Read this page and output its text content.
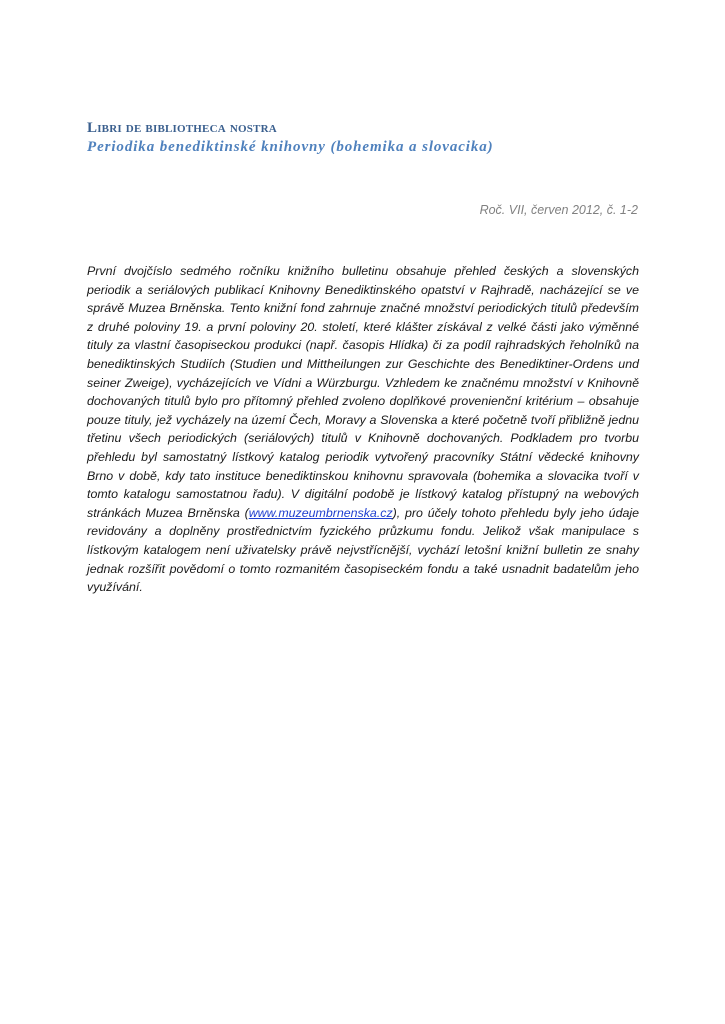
Libri de bibliotheca nostra
Periodika benediktinské knihovny (bohemika a slovacika)

Roč. VII, červen 2012, č. 1-2

První dvojčíslo sedmého ročníku knižního bulletinu obsahuje přehled českých a slovenských periodik a seriálových publikací Knihovny Benediktinského opatství v Rajhradě, nacházející se ve správě Muzea Brněnska. Tento knižní fond zahrnuje značné množství periodických titulů především z druhé poloviny 19. a první poloviny 20. století, které klášter získával z velké části jako výměnné tituly za vlastní časopiseckou produkci (např. časopis Hlídka) či za podíl rajhradských řeholníků na benediktinských Studiích (Studien und Mittheilungen zur Geschichte des Benediktiner-Ordens und seiner Zweige), vycházejících ve Vídni a Würzburgu. Vzhledem ke značnému množství v Knihovně dochovaných titulů bylo pro přítomný přehled zvoleno doplňkové provenienční kritérium – obsahuje pouze tituly, jež vycházely na území Čech, Moravy a Slovenska a které početně tvoří přibližně jednu třetinu všech periodických (seriálových) titulů v Knihovně dochovaných. Podkladem pro tvorbu přehledu byl samostatný lístkový katalog periodik vytvořený pracovníky Státní vědecké knihovny Brno v době, kdy tato instituce benediktinskou knihovnu spravovala (bohemika a slovacika tvoří v tomto katalogu samostatnou řadu). V digitální podobě je lístkový katalog přístupný na webových stránkách Muzea Brněnska (www.muzeumbrnenska.cz), pro účely tohoto přehledu byly jeho údaje revidovány a doplněny prostřednictvím fyzického průzkumu fondu. Jelikož však manipulace s lístkovým katalogem není uživatelsky právě nejvstřícnější, vychází letošní knižní bulletin ze snahy jednak rozšířit povědomí o tomto rozmanitém časopiseckém fondu a také usnadnit badatelům jeho využívání.
